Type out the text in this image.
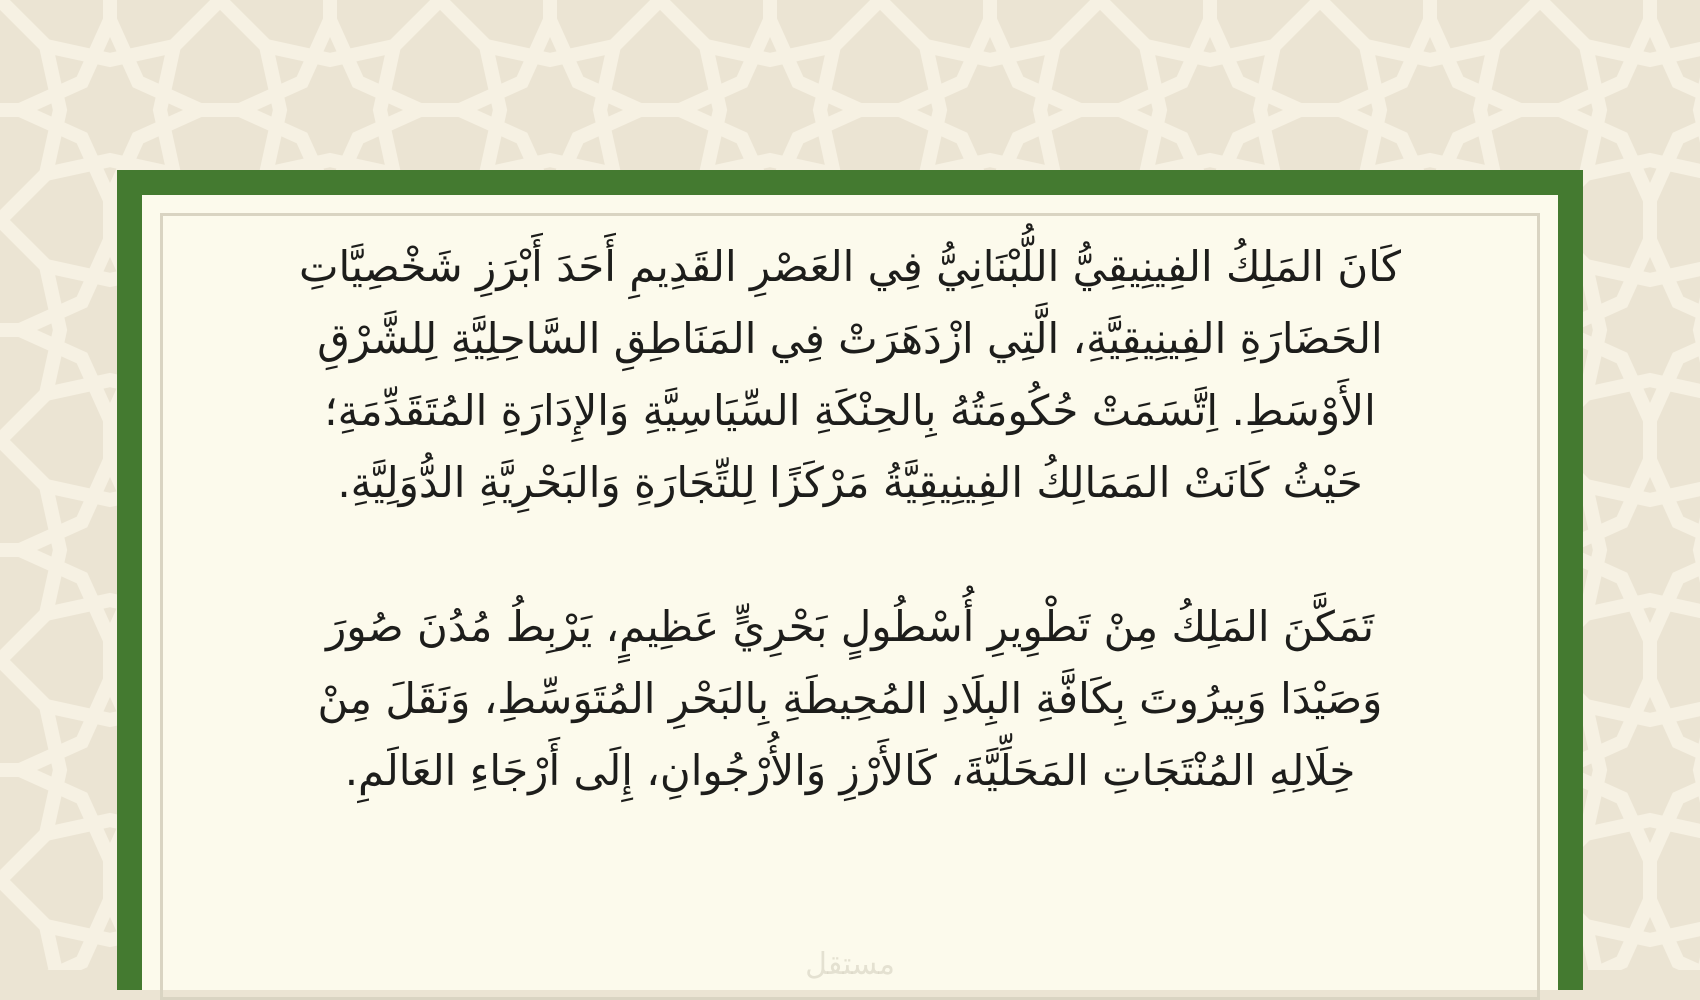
كَانَ المَلِكُ الفِينِيقِيُّ اللُّبْنَانِيُّ فِي العَصْرِ القَدِيمِ أَحَدَ أَبْرَزِ شَخْصِيَّاتِ الحَضَارَةِ الفِينِيقِيَّةِ، الَّتِي ازْدَهَرَتْ فِي المَنَاطِقِ السَّاحِلِيَّةِ لِلشَّرْقِ الأَوْسَطِ. اِتَّسَمَتْ حُكُومَتُهُ بِالحِنْكَةِ السِّيَاسِيَّةِ وَالإِدَارَةِ المُتَقَدِّمَةِ؛ حَيْثُ كَانَتْ المَمَالِكُ الفِينِيقِيَّةُ مَرْكَزًا لِلتِّجَارَةِ وَالبَحْرِيَّةِ الدُّوَلِيَّةِ.

تَمَكَّنَ المَلِكُ مِنْ تَطْوِيرِ أُسْطُولٍ بَحْرِيٍّ عَظِيمٍ، يَرْبِطُ مُدُنَ صُورَ وَصَيْدَا وَبِيرُوتَ بِكَافَّةِ البِلَادِ المُحِيطَةِ بِالبَحْرِ المُتَوَسِّطِ، وَنَقَلَ مِنْ خِلَالِهِ المُنْتَجَاتِ المَحَلِّيَّةَ، كَالأَرْزِ وَالأُرْجُوانِ، إِلَى أَرْجَاءِ العَالَمِ.

مستقل
